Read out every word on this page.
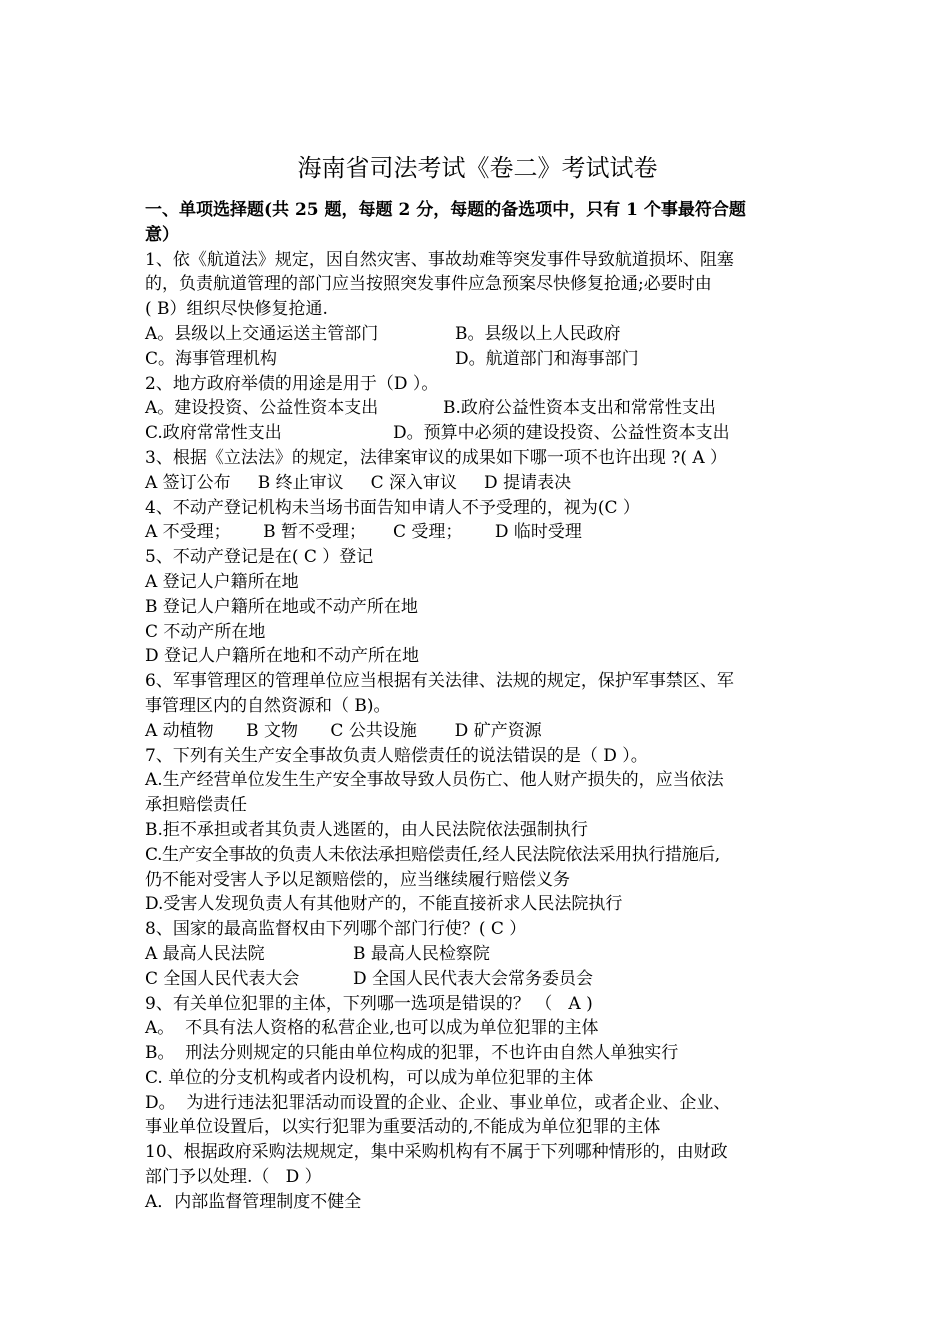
海南省司法考试《卷二》考试试卷
一、单项选择题(共 25 题，每题 2 分，每题的备选项中，只有 1 个事最符合题
意）
1、依《航道法》规定，因自然灾害、事故劫难等突发事件导致航道损坏、阻塞
的，负责航道管理的部门应当按照突发事件应急预案尽快修复抢通;必要时由
( B）组织尽快修复抢通.
A。县级以上交通运送主管部门	B。县级以上人民政府
C。海事管理机构	D。航道部门和海事部门
2、地方政府举债的用途是用于（D ）。
A。建设投资、公益性资本支出	B.政府公益性资本支出和常常性支出
C.政府常常性支出	D。预算中必须的建设投资、公益性资本支出
3、根据《立法法》的规定，法律案审议的成果如下哪一项不也许出现 ?( A ）
A 签订公布     B 终止审议     C 深入审议     D 提请表决
4、不动产登记机构未当场书面告知申请人不予受理的，视为(C ）
A 不受理；      B 暂不受理；     C 受理；      D 临时受理
5、不动产登记是在( C ）登记
A 登记人户籍所在地
B 登记人户籍所在地或不动产所在地
C 不动产所在地
D 登记人户籍所在地和不动产所在地
6、军事管理区的管理单位应当根据有关法律、法规的规定，保护军事禁区、军
事管理区内的自然资源和（ B)。
A 动植物      B 文物      C 公共设施       D 矿产资源
7、下列有关生产安全事故负责人赔偿责任的说法错误的是（ D ）。
A.生产经营单位发生生产安全事故导致人员伤亡、他人财产损失的，应当依法
承担赔偿责任
B.拒不承担或者其负责人逃匿的，由人民法院依法强制执行
C.生产安全事故的负责人未依法承担赔偿责任,经人民法院依法采用执行措施后,
仍不能对受害人予以足额赔偿的，应当继续履行赔偿义务
D.受害人发现负责人有其他财产的，不能直接祈求人民法院执行
8、国家的最高监督权由下列哪个部门行使？( C ）
A 最高人民法院	B 最高人民检察院
C 全国人民代表大会	D 全国人民代表大会常务委员会
9、有关单位犯罪的主体，下列哪一选项是错误的？ （   A )
A。  不具有法人资格的私营企业,也可以成为单位犯罪的主体
B。  刑法分则规定的只能由单位构成的犯罪，不也许由自然人单独实行
C. 单位的分支机构或者内设机构，可以成为单位犯罪的主体
D。  为进行违法犯罪活动而设置的企业、企业、事业单位，或者企业、企业、
事业单位设置后，以实行犯罪为重要活动的,不能成为单位犯罪的主体
10、根据政府采购法规规定，集中采购机构有不属于下列哪种情形的，由财政
部门予以处理.（   D ）
A．内部监督管理制度不健全
